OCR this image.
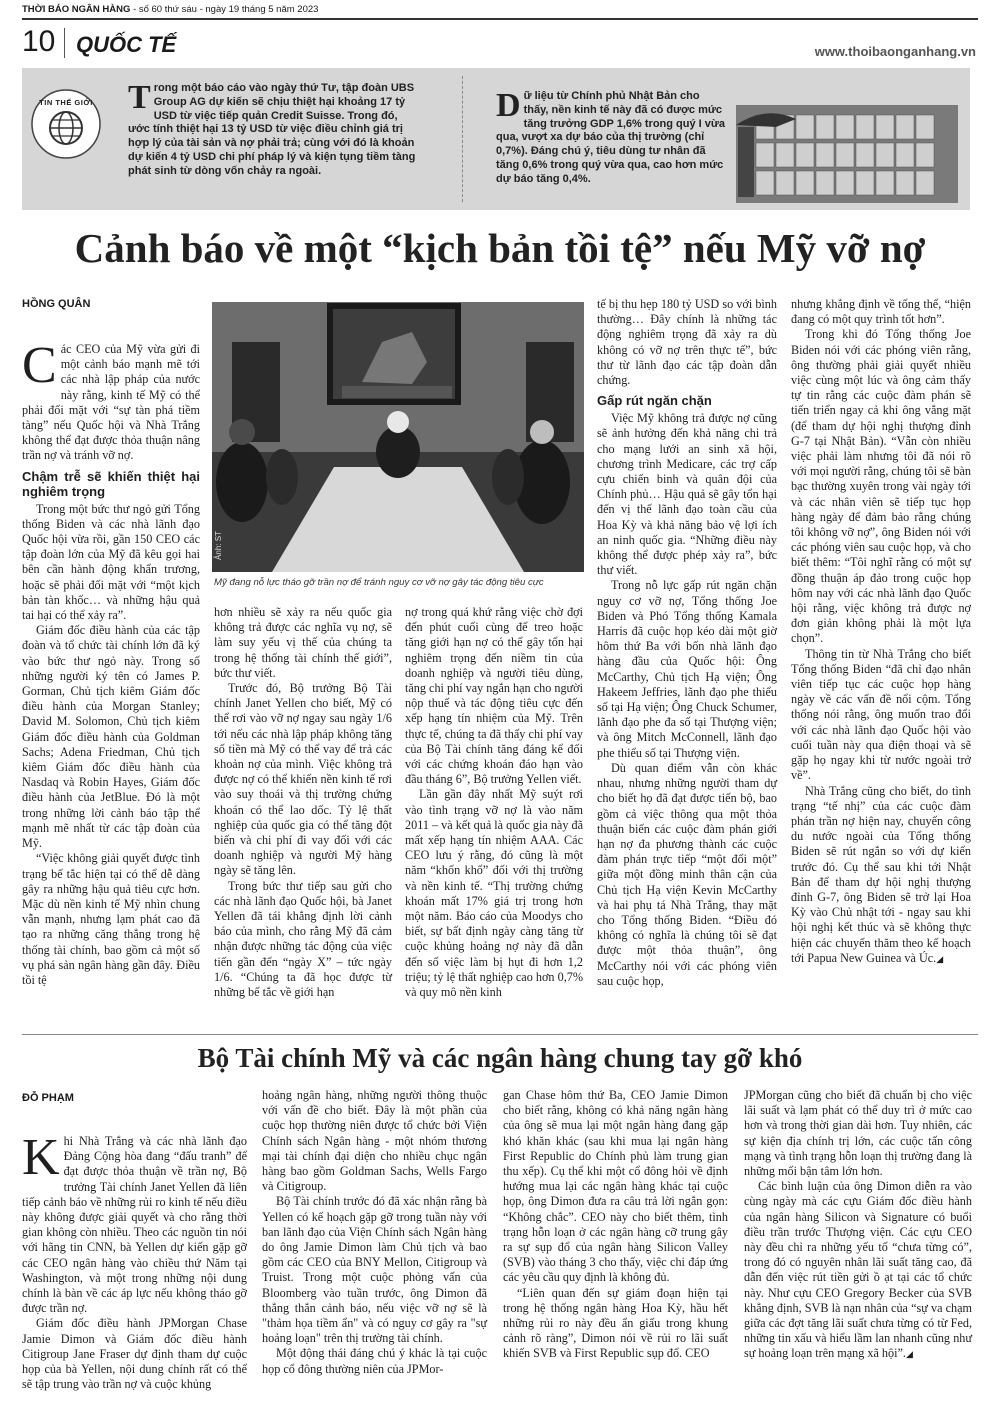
THỜI BÁO NGÂN HÀNG - số 60 thứ sáu - ngày 19 tháng 5 năm 2023
10 QUỐC TẾ	www.thoibaonganhang.vn
TIN THẾ GIỚI Trong một báo cáo vào ngày thứ Tư, tập đoàn UBS Group AG dự kiến sẽ chịu thiệt hại khoảng 17 tỷ USD từ việc tiếp quản Credit Suisse. Trong đó, ước tính thiệt hại 13 tỷ USD từ việc điều chỉnh giá trị hợp lý của tài sản và nợ phải trả; cùng với đó là khoản dự kiến 4 tỷ USD chi phí pháp lý và kiện tụng tiềm tàng phát sinh từ dòng vốn chảy ra ngoài.
Dữ liệu từ Chính phủ Nhật Bản cho thấy, nền kinh tế này đã có được mức tăng trưởng GDP 1,6% trong quý I vừa qua, vượt xa dự báo của thị trường (chỉ 0,7%). Đáng chú ý, tiêu dùng tư nhân đã tăng 0,6% trong quý vừa qua, cao hơn mức dự báo tăng 0,4%.
Cảnh báo về một “kịch bản tồi tệ” nếu Mỹ vỡ nợ
HỒNG QUÂN
Ảnh: ST
Mỹ đang nỗ lực tháo gỡ trần nợ để tránh nguy cơ vỡ nợ gây tác động tiêu cực

Các CEO của Mỹ vừa gửi đi một cảnh báo mạnh mẽ tới các nhà lập pháp của nước này rằng, kinh tế Mỹ có thể phải đối mặt với “sự tàn phá tiềm tàng” nếu Quốc hội và Nhà Trắng không thể đạt được thỏa thuận nâng trần nợ và tránh vỡ nợ.

Chậm trễ sẽ khiến thiệt hại nghiêm trọng

Trong một bức thư ngỏ gửi Tổng thống Biden và các nhà lãnh đạo Quốc hội vừa rồi, gần 150 CEO các tập đoàn lớn của Mỹ đã kêu gọi hai bên cần hành động khẩn trương, hoặc sẽ phải đối mặt với “một kịch bản tàn khốc… và những hậu quả tai hại có thể xảy ra”.

Giám đốc điều hành của các tập đoàn và tổ chức tài chính lớn đã ký vào bức thư ngỏ này. Trong số những người ký tên có James P. Gorman, Chủ tịch kiêm Giám đốc điều hành của Morgan Stanley; David M. Solomon, Chủ tịch kiêm Giám đốc điều hành của Goldman Sachs; Adena Friedman, Chủ tịch kiêm Giám đốc điều hành của Nasdaq và Robin Hayes, Giám đốc điều hành của JetBlue. Đó là một trong những lời cảnh báo tập thể mạnh mẽ nhất từ các tập đoàn của Mỹ.

“Việc không giải quyết được tình trạng bế tắc hiện tại có thể dễ dàng gây ra những hậu quả tiêu cực hơn. Mặc dù nền kinh tế Mỹ nhìn chung vẫn mạnh, nhưng lạm phát cao đã tạo ra những căng thẳng trong hệ thống tài chính, bao gồm cả một số vụ phá sản ngân hàng gần đây. Điều tồi tệ

hơn nhiều sẽ xảy ra nếu quốc gia không trả được các nghĩa vụ nợ, sẽ làm suy yếu vị thế của chúng ta trong hệ thống tài chính thế giới”, bức thư viết.

Trước đó, Bộ trưởng Bộ Tài chính Janet Yellen cho biết, Mỹ có thể rơi vào vỡ nợ ngay sau ngày 1/6 tới nếu các nhà lập pháp không tăng số tiền mà Mỹ có thể vay để trả các khoản nợ của mình. Việc không trả được nợ có thể khiến nền kinh tế rơi vào suy thoái và thị trường chứng khoán có thể lao dốc. Tỷ lệ thất nghiệp của quốc gia có thể tăng đột biến và chi phí đi vay đối với các doanh nghiệp và người Mỹ hàng ngày sẽ tăng lên.

Trong bức thư tiếp sau gửi cho các nhà lãnh đạo Quốc hội, bà Janet Yellen đã tái khẳng định lời cảnh báo của mình, cho rằng Mỹ đã cảm nhận được những tác động của việc tiến gần đến “ngày X” – tức ngày 1/6. “Chúng ta đã học được từ những bế tắc về giới hạn

nợ trong quá khứ rằng việc chờ đợi đến phút cuối cùng để treo hoặc tăng giới hạn nợ có thể gây tổn hại nghiêm trọng đến niềm tin của doanh nghiệp và người tiêu dùng, tăng chi phí vay ngắn hạn cho người nộp thuế và tác động tiêu cực đến xếp hạng tín nhiệm của Mỹ. Trên thực tế, chúng ta đã thấy chi phí vay của Bộ Tài chính tăng đáng kể đối với các chứng khoán đáo hạn vào đầu tháng 6”, Bộ trưởng Yellen viết.

Lần gần đây nhất Mỹ suýt rơi vào tình trạng vỡ nợ là vào năm 2011 – và kết quả là quốc gia này đã mất xếp hạng tín nhiệm AAA. Các CEO lưu ý rằng, đó cũng là một năm “khốn khổ” đối với thị trường và nền kinh tế. “Thị trường chứng khoán mất 17% giá trị trong hơn một năm. Báo cáo của Moodys cho biết, sự bất định ngày càng tăng từ cuộc khủng hoảng nợ này đã dẫn đến số việc làm bị hụt đi hơn 1,2 triệu; tỷ lệ thất nghiệp cao hơn 0,7% và quy mô nền kinh

tế bị thu hẹp 180 tỷ USD so với bình thường… Đây chính là những tác động nghiêm trọng đã xảy ra dù không có vỡ nợ trên thực tế”, bức thư từ lãnh đạo các tập đoàn dẫn chứng.

Gấp rút ngăn chặn

Việc Mỹ không trả được nợ cũng sẽ ảnh hưởng đến khả năng chi trả cho mạng lưới an sinh xã hội, chương trình Medicare, các trợ cấp cựu chiến binh và quân đội của Chính phủ… Hậu quả sẽ gây tổn hại đến vị thế lãnh đạo toàn cầu của Hoa Kỳ và khả năng bảo vệ lợi ích an ninh quốc gia. “Những điều này không thể được phép xảy ra”, bức thư viết.

Trong nỗ lực gấp rút ngăn chặn nguy cơ vỡ nợ, Tổng thống Joe Biden và Phó Tổng thống Kamala Harris đã cuộc họp kéo dài một giờ hôm thứ Ba với bốn nhà lãnh đạo hàng đầu của Quốc hội: Ông McCarthy, Chủ tịch Hạ viện; Ông Hakeem Jeffries, lãnh đạo phe thiểu số tại Hạ viện; Ông Chuck Schumer, lãnh đạo phe đa số tại Thượng viện; và ông Mitch McConnell, lãnh đạo phe thiểu số tại Thượng viện.

Dù quan điểm vẫn còn khác nhau, nhưng những người tham dự cho biết họ đã đạt được tiến bộ, bao gồm cả việc thông qua một thỏa thuận biến các cuộc đàm phán giới hạn nợ đa phương thành các cuộc đàm phán trực tiếp “một đối một” giữa một đồng minh thân cận của Chủ tịch Hạ viện Kevin McCarthy và hai phụ tá Nhà Trắng, thay mặt cho Tổng thống Biden. “Điều đó không có nghĩa là chúng tôi sẽ đạt được một thỏa thuận”, ông McCarthy nói với các phóng viên sau cuộc họp,

nhưng khẳng định về tổng thể, “hiện đang có một quy trình tốt hơn”.

Trong khi đó Tổng thống Joe Biden nói với các phóng viên rằng, ông thường phải giải quyết nhiều việc cùng một lúc và ông cảm thấy tự tin rằng các cuộc đàm phán sẽ tiến triển ngay cả khi ông vắng mặt (để tham dự hội nghị thượng đỉnh G-7 tại Nhật Bản). “Vẫn còn nhiều việc phải làm nhưng tôi đã nói rõ với mọi người rằng, chúng tôi sẽ bàn bạc thường xuyên trong vài ngày tới và các nhân viên sẽ tiếp tục họp hàng ngày để đảm bảo rằng chúng tôi không vỡ nợ”, ông Biden nói với các phóng viên sau cuộc họp, và cho biết thêm: “Tôi nghĩ rằng có một sự đồng thuận áp đảo trong cuộc họp hôm nay với các nhà lãnh đạo Quốc hội rằng, việc không trả được nợ đơn giản không phải là một lựa chọn”.

Thông tin từ Nhà Trắng cho biết Tổng thống Biden “đã chỉ đạo nhân viên tiếp tục các cuộc họp hàng ngày về các vấn đề nổi cộm. Tổng thống nói rằng, ông muốn trao đổi với các nhà lãnh đạo Quốc hội vào cuối tuần này qua điện thoại và sẽ gặp họ ngay khi từ nước ngoài trở về”.

Nhà Trắng cũng cho biết, do tình trạng “tế nhị” của các cuộc đàm phán trần nợ hiện nay, chuyến công du nước ngoài của Tổng thống Biden sẽ rút ngắn so với dự kiến trước đó. Cụ thể sau khi tới Nhật Bản để tham dự hội nghị thượng đỉnh G-7, ông Biden sẽ trở lại Hoa Kỳ vào Chủ nhật tới - ngay sau khi hội nghị kết thúc và sẽ không thực hiện các chuyến thăm theo kế hoạch tới Papua New Guinea và Úc.◢

Bộ Tài chính Mỹ và các ngân hàng chung tay gỡ khó
ĐỖ PHẠM

Khi Nhà Trắng và các nhà lãnh đạo Đảng Cộng hòa đang “đấu tranh” để đạt được thỏa thuận về trần nợ, Bộ trưởng Tài chính Janet Yellen đã liên tiếp cảnh báo về những rủi ro kinh tế nếu điều này không được giải quyết và cho rằng thời gian không còn nhiều. Theo các nguồn tin nói với hãng tin CNN, bà Yellen dự kiến gặp gỡ các CEO ngân hàng vào chiều thứ Năm tại Washington, và một trong những nội dung chính là bàn về các áp lực nếu không tháo gỡ được trần nợ.

Giám đốc điều hành JPMorgan Chase Jamie Dimon và Giám đốc điều hành Citigroup Jane Fraser dự định tham dự cuộc họp của bà Yellen, nội dung chính rất có thể sẽ tập trung vào trần nợ và cuộc khủng

hoảng ngân hàng, những người thông thuộc với vấn đề cho biết. Đây là một phần của cuộc họp thường niên được tổ chức bởi Viện Chính sách Ngân hàng - một nhóm thương mại tài chính đại diện cho nhiều chục ngân hàng bao gồm Goldman Sachs, Wells Fargo và Citigroup.

Bộ Tài chính trước đó đã xác nhận rằng bà Yellen có kế hoạch gặp gỡ trong tuần này với ban lãnh đạo của Viện Chính sách Ngân hàng do ông Jamie Dimon làm Chủ tịch và bao gồm các CEO của BNY Mellon, Citigroup và Truist. Trong một cuộc phỏng vấn của Bloomberg vào tuần trước, ông Dimon đã thẳng thắn cảnh báo, nếu việc vỡ nợ sẽ là "thảm họa tiềm ẩn" và có nguy cơ gây ra "sự hoảng loạn" trên thị trường tài chính.

Một động thái đáng chú ý khác là tại cuộc họp cổ đông thường niên của JPMor-

gan Chase hôm thứ Ba, CEO Jamie Dimon cho biết rằng, không có khả năng ngân hàng của ông sẽ mua lại một ngân hàng đang gặp khó khăn khác (sau khi mua lại ngân hàng First Republic do Chính phủ làm trung gian thu xếp). Cụ thể khi một cổ đông hỏi về định hướng mua lại các ngân hàng khác tại cuộc họp, ông Dimon đưa ra câu trả lời ngắn gọn: “Không chắc”. CEO này cho biết thêm, tình trạng hỗn loạn ở các ngân hàng cỡ trung gây ra sự sụp đổ của ngân hàng Silicon Valley (SVB) vào tháng 3 cho thấy, việc chi đáp ứng các yêu cầu quy định là không đủ.

“Liên quan đến sự giám đoạn hiện tại trong hệ thống ngân hàng Hoa Kỳ, hầu hết những rủi ro này đều ẩn giấu trong khung cảnh rõ ràng”, Dimon nói về rủi ro lãi suất khiến SVB và First Republic sụp đổ. CEO

JPMorgan cũng cho biết đã chuẩn bị cho việc lãi suất và lạm phát có thể duy trì ở mức cao hơn và trong thời gian dài hơn. Tuy nhiên, các sự kiện địa chính trị lớn, các cuộc tấn công mạng và tình trạng hỗn loạn thị trường đang là những mối bận tâm lớn hơn.

Các bình luận của ông Dimon diễn ra vào cùng ngày mà các cựu Giám đốc điều hành của ngân hàng Silicon và Signature có buổi điều trần trước Thượng viện. Các cựu CEO này đều chỉ ra những yếu tố “chưa từng có”, trong đó có nguyên nhân lãi suất tăng cao, đã dẫn đến việc rút tiền gửi ồ ạt tại các tổ chức này. Như cựu CEO Gregory Becker của SVB khẳng định, SVB là nạn nhân của “sự va chạm giữa các đợt tăng lãi suất chưa từng có từ Fed, những tin xấu và hiểu lầm lan nhanh cũng như sự hoảng loạn trên mạng xã hội”.◢
